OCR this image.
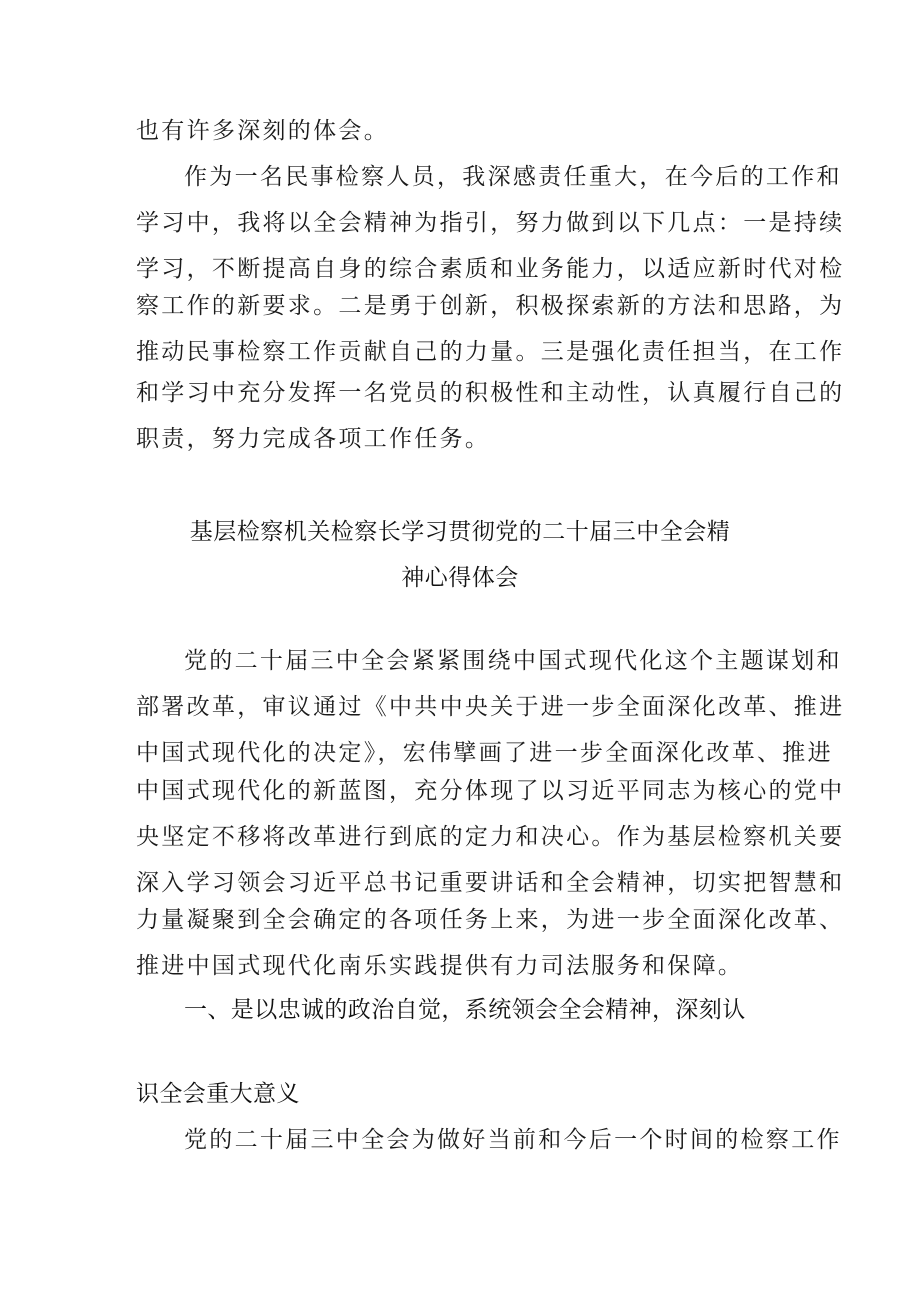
也有许多深刻的体会。
作为一名民事检察人员，我深感责任重大，在今后的工作和
学习中，我将以全会精神为指引，努力做到以下几点：一是持续
学习，不断提高自身的综合素质和业务能力，以适应新时代对检
察工作的新要求。二是勇于创新，积极探索新的方法和思路，为
推动民事检察工作贡献自己的力量。三是强化责任担当，在工作
和学习中充分发挥一名党员的积极性和主动性，认真履行自己的
职责，努力完成各项工作任务。
基层检察机关检察长学习贯彻党的二十届三中全会精
神心得体会
党的二十届三中全会紧紧围绕中国式现代化这个主题谋划和
部署改革，审议通过《中共中央关于进一步全面深化改革、推进
中国式现代化的决定》，宏伟擘画了进一步全面深化改革、推进
中国式现代化的新蓝图，充分体现了以习近平同志为核心的党中
央坚定不移将改革进行到底的定力和决心。作为基层检察机关要
深入学习领会习近平总书记重要讲话和全会精神，切实把智慧和
力量凝聚到全会确定的各项任务上来，为进一步全面深化改革、
推进中国式现代化南乐实践提供有力司法服务和保障。
一、是以忠诚的政治自觉，系统领会全会精神，深刻认
识全会重大意义
党的二十届三中全会为做好当前和今后一个时间的检察工作
